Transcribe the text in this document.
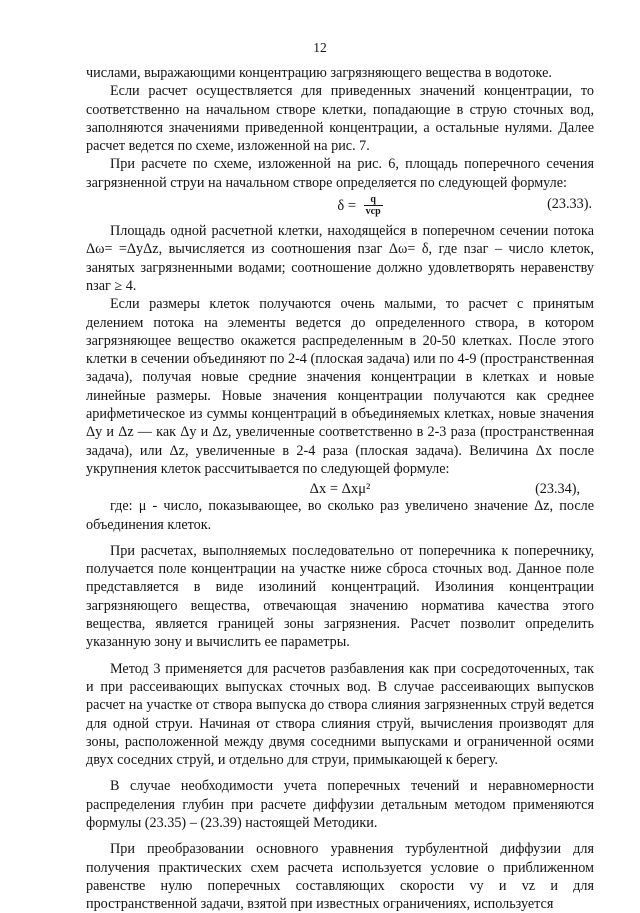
12

числами, выражающими концентрацию загрязняющего вещества в водотоке.

Если расчет осуществляется для приведенных значений концентрации, то соответственно на начальном створе клетки, попадающие в струю сточных вод, заполняются значениями приведенной концентрации, а остальные нулями. Далее расчет ведется по схеме, изложенной на рис. 7.

При расчете по схеме, изложенной на рис. 6, площадь поперечного сечения загрязненной струи на начальном створе определяется по следующей формуле:

$\delta = \frac{q}{\text{vср}}$	(23.33).

Площадь одной расчетной клетки, находящейся в поперечном сечении потока Δω= =ΔyΔz, вычисляется из соотношения nзаг Δω= δ, где nзаг – число клеток, занятых загрязненными водами; соотношение должно удовлетворять неравенству nзаг ≥ 4.

Если размеры клеток получаются очень малыми, то расчет с принятым делением потока на элементы ведется до определенного створа, в котором загрязняющее вещество окажется распределенным в 20-50 клетках. После этого клетки в сечении объединяют по 2-4 (плоская задача) или по 4-9 (пространственная задача), получая новые средние значения концентрации в клетках и новые линейные размеры. Новые значения концентрации получаются как среднее арифметическое из суммы концентраций в объединяемых клетках, новые значения Δy и Δz — как Δy и Δz, увеличенные соответственно в 2-3 раза (пространственная задача), или Δz, увеличенные в 2-4 раза (плоская задача). Величина Δx после укрупнения клеток рассчитывается по следующей формуле:

Δx = Δxμ²	(23.34),

где: μ - число, показывающее, во сколько раз увеличено значение Δz, после объединения клеток.

При расчетах, выполняемых последовательно от поперечника к поперечнику, получается поле концентрации на участке ниже сброса сточных вод. Данное поле представляется в виде изолиний концентраций. Изолиния концентрации загрязняющего вещества, отвечающая значению норматива качества этого вещества, является границей зоны загрязнения. Расчет позволит определить указанную зону и вычислить ее параметры.

Метод 3 применяется для расчетов разбавления как при сосредоточенных, так и при рассеивающих выпусках сточных вод. В случае рассеивающих выпусков расчет на участке от створа выпуска до створа слияния загрязненных струй ведется для одной струи. Начиная от створа слияния струй, вычисления производят для зоны, расположенной между двумя соседними выпусками и ограниченной осями двух соседних струй, и отдельно для струи, примыкающей к берегу.

В случае необходимости учета поперечных течений и неравномерности распределения глубин при расчете диффузии детальным методом применяются формулы (23.35) – (23.39) настоящей Методики.

При преобразовании основного уравнения турбулентной диффузии для получения практических схем расчета используется условие о приближенном равенстве нулю поперечных составляющих скорости vy и vz и для пространственной задачи, взятой при известных ограничениях, используется
